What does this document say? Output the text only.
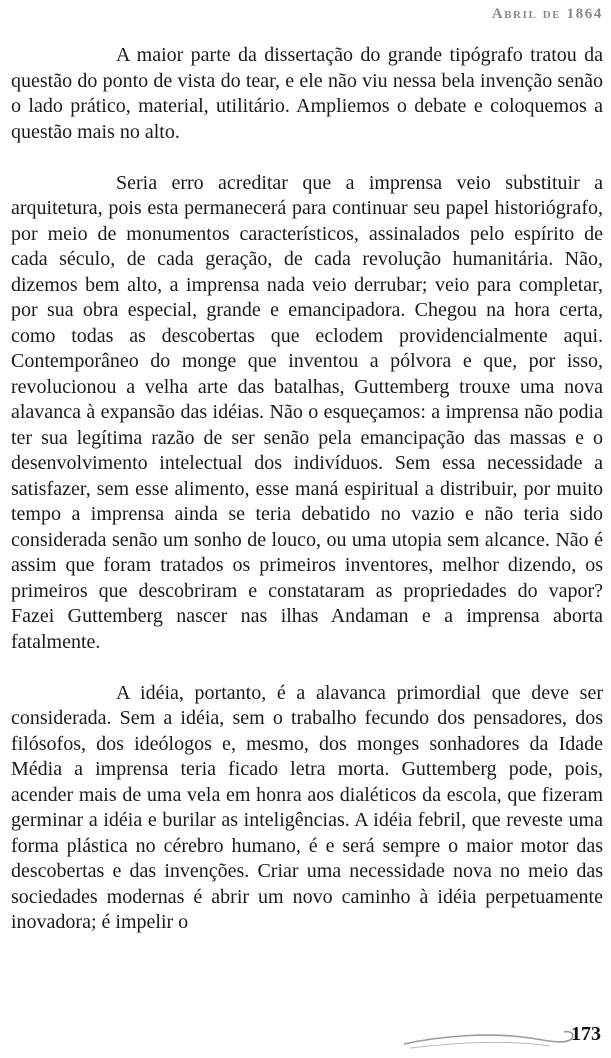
Abril de 1864

A maior parte da dissertação do grande tipógrafo tratou da questão do ponto de vista do tear, e ele não viu nessa bela invenção senão o lado prático, material, utilitário. Ampliemos o debate e coloquemos a questão mais no alto.

Seria erro acreditar que a imprensa veio substituir a arquitetura, pois esta permanecerá para continuar seu papel historiógrafo, por meio de monumentos característicos, assinalados pelo espírito de cada século, de cada geração, de cada revolução humanitária. Não, dizemos bem alto, a imprensa nada veio derrubar; veio para completar, por sua obra especial, grande e emancipadora. Chegou na hora certa, como todas as descobertas que eclodem providencialmente aqui. Contemporâneo do monge que inventou a pólvora e que, por isso, revolucionou a velha arte das batalhas, Guttemberg trouxe uma nova alavanca à expansão das idéias. Não o esqueçamos: a imprensa não podia ter sua legítima razão de ser senão pela emancipação das massas e o desenvolvimento intelectual dos indivíduos. Sem essa necessidade a satisfazer, sem esse alimento, esse maná espiritual a distribuir, por muito tempo a imprensa ainda se teria debatido no vazio e não teria sido considerada senão um sonho de louco, ou uma utopia sem alcance. Não é assim que foram tratados os primeiros inventores, melhor dizendo, os primeiros que descobriram e constataram as propriedades do vapor? Fazei Guttemberg nascer nas ilhas Andaman e a imprensa aborta fatalmente.

A idéia, portanto, é a alavanca primordial que deve ser considerada. Sem a idéia, sem o trabalho fecundo dos pensadores, dos filósofos, dos ideólogos e, mesmo, dos monges sonhadores da Idade Média a imprensa teria ficado letra morta. Guttemberg pode, pois, acender mais de uma vela em honra aos dialéticos da escola, que fizeram germinar a idéia e burilar as inteligências. A idéia febril, que reveste uma forma plástica no cérebro humano, é e será sempre o maior motor das descobertas e das invenções. Criar uma necessidade nova no meio das sociedades modernas é abrir um novo caminho à idéia perpetuamente inovadora; é impelir o

173
